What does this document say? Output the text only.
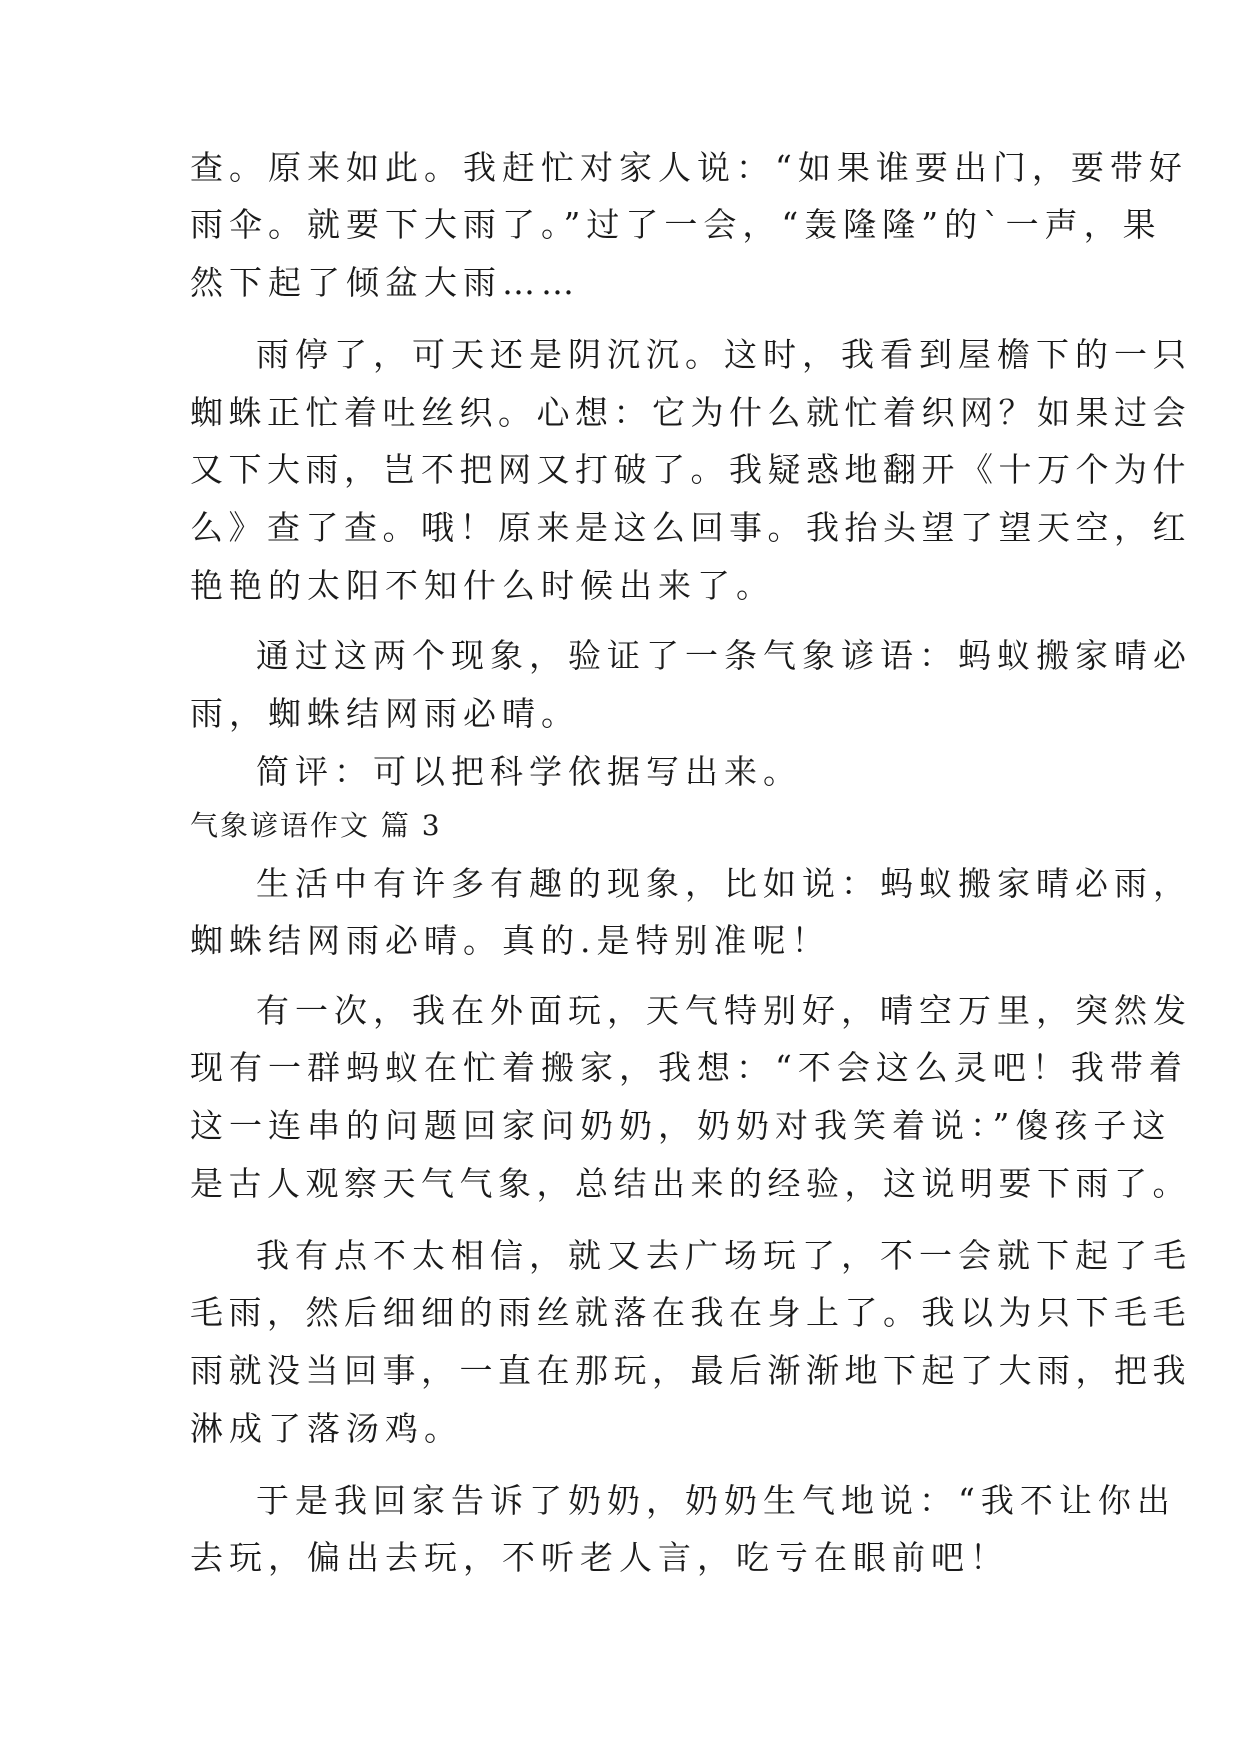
查。原来如此。我赶忙对家人说：“如果谁要出门，要带好
雨伞。就要下大雨了。”过了一会，“轰隆隆”的`一声，果
然下起了倾盆大雨……
雨停了，可天还是阴沉沉。这时，我看到屋檐下的一只
蜘蛛正忙着吐丝织。心想：它为什么就忙着织网？如果过会
又下大雨，岂不把网又打破了。我疑惑地翻开《十万个为什
么》查了查。哦！原来是这么回事。我抬头望了望天空，红
艳艳的太阳不知什么时候出来了。
通过这两个现象，验证了一条气象谚语：蚂蚁搬家晴必
雨，蜘蛛结网雨必晴。
简评：可以把科学依据写出来。
气象谚语作文 篇 3
生活中有许多有趣的现象，比如说：蚂蚁搬家晴必雨，
蜘蛛结网雨必晴。真的.是特别准呢！
有一次，我在外面玩，天气特别好，晴空万里，突然发
现有一群蚂蚁在忙着搬家，我想：“不会这么灵吧！我带着
这一连串的问题回家问奶奶，奶奶对我笑着说：”傻孩子这
是古人观察天气气象，总结出来的经验，这说明要下雨了。
我有点不太相信，就又去广场玩了，不一会就下起了毛
毛雨，然后细细的雨丝就落在我在身上了。我以为只下毛毛
雨就没当回事，一直在那玩，最后渐渐地下起了大雨，把我
淋成了落汤鸡。
于是我回家告诉了奶奶，奶奶生气地说：“我不让你出
去玩，偏出去玩，不听老人言，吃亏在眼前吧！
